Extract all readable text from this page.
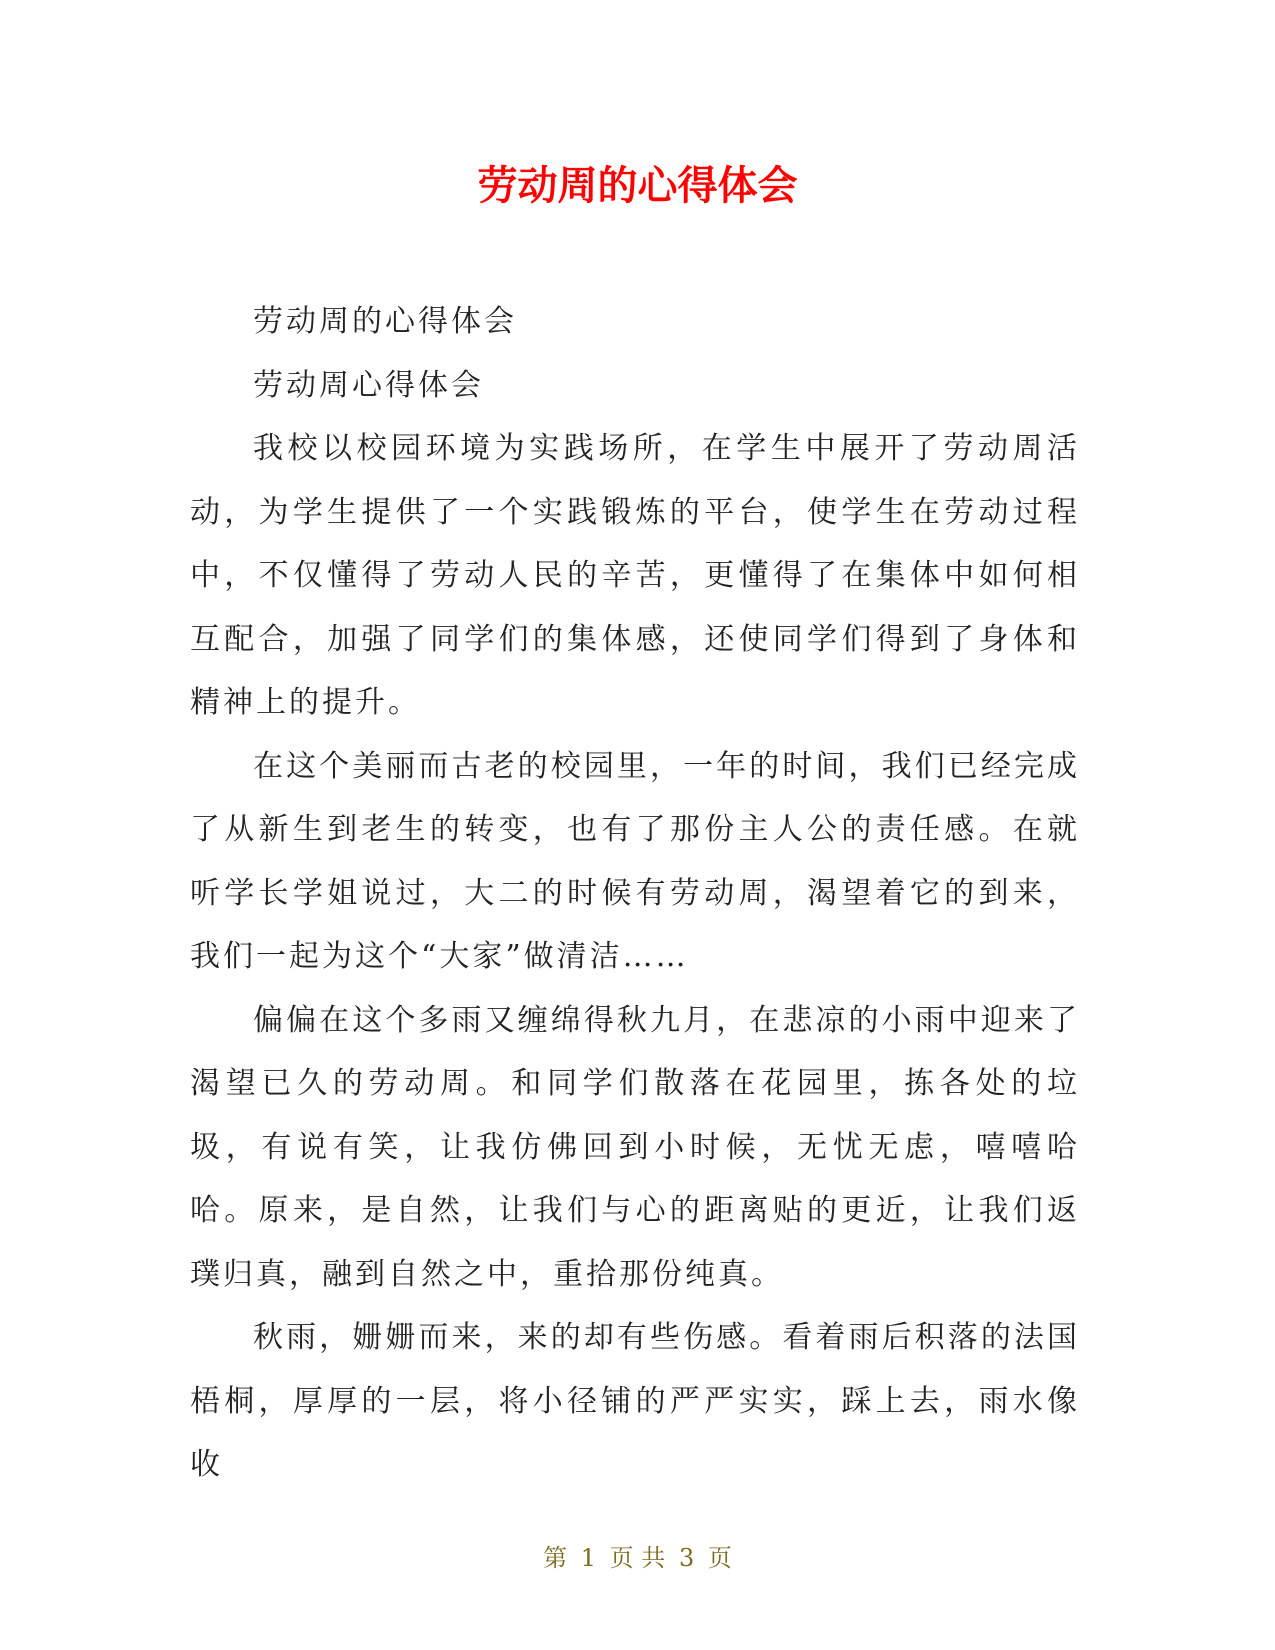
劳动周的心得体会

劳动周的心得体会

劳动周心得体会

我校以校园环境为实践场所，在学生中展开了劳动周活动，为学生提供了一个实践锻炼的平台，使学生在劳动过程中，不仅懂得了劳动人民的辛苦，更懂得了在集体中如何相互配合，加强了同学们的集体感，还使同学们得到了身体和精神上的提升。

在这个美丽而古老的校园里，一年的时间，我们已经完成了从新生到老生的转变，也有了那份主人公的责任感。在就听学长学姐说过，大二的时候有劳动周，渴望着它的到来，我们一起为这个“大家”做清洁……

偏偏在这个多雨又缠绵得秋九月，在悲凉的小雨中迎来了渴望已久的劳动周。和同学们散落在花园里，拣各处的垃圾，有说有笑，让我仿佛回到小时候，无忧无虑，嘻嘻哈哈。原来，是自然，让我们与心的距离贴的更近，让我们返璞归真，融到自然之中，重拾那份纯真。

秋雨，姗姗而来，来的却有些伤感。看着雨后积落的法国梧桐，厚厚的一层，将小径铺的严严实实，踩上去，雨水像收

第 1 页 共 3 页
